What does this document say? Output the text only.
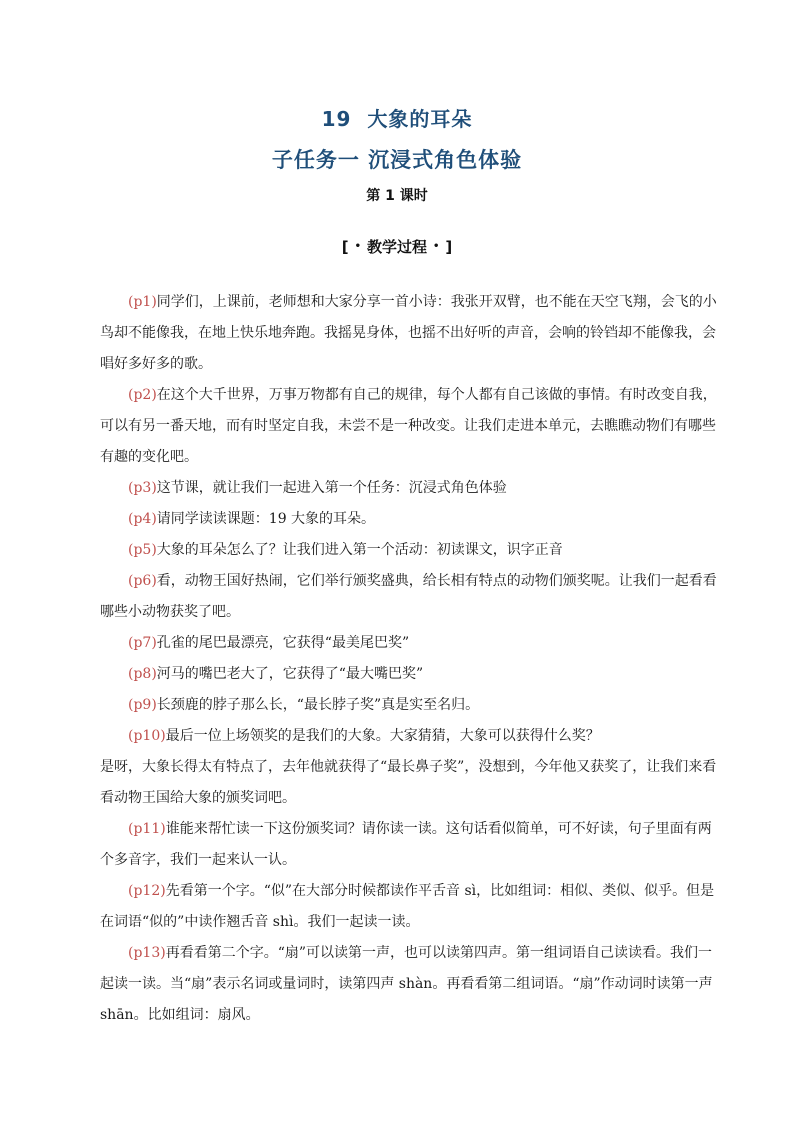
19 大象的耳朵
子任务一 沉浸式角色体验
第 1 课时
[ • 教学过程 • ]

(p1)同学们，上课前，老师想和大家分享一首小诗：我张开双臂，也不能在天空飞翔，会飞的小鸟却不能像我，在地上快乐地奔跑。我摇晃身体，也摇不出好听的声音，会响的铃铛却不能像我，会唱好多好多的歌。

(p2)在这个大千世界，万事万物都有自己的规律，每个人都有自己该做的事情。有时改变自我，可以有另一番天地，而有时坚定自我，未尝不是一种改变。让我们走进本单元，去瞧瞧动物们有哪些有趣的变化吧。

(p3)这节课，就让我们一起进入第一个任务：沉浸式角色体验

(p4)请同学读读课题：19 大象的耳朵。

(p5)大象的耳朵怎么了？让我们进入第一个活动：初读课文，识字正音

(p6)看，动物王国好热闹，它们举行颁奖盛典，给长相有特点的动物们颁奖呢。让我们一起看看哪些小动物获奖了吧。

(p7)孔雀的尾巴最漂亮，它获得“最美尾巴奖”

(p8)河马的嘴巴老大了，它获得了“最大嘴巴奖”

(p9)长颈鹿的脖子那么长，“最长脖子奖”真是实至名归。

(p10)最后一位上场领奖的是我们的大象。大家猜猜，大象可以获得什么奖？

是呀，大象长得太有特点了，去年他就获得了“最长鼻子奖”，没想到，今年他又获奖了，让我们来看看动物王国给大象的颁奖词吧。

(p11)谁能来帮忙读一下这份颁奖词？请你读一读。这句话看似简单，可不好读，句子里面有两个多音字，我们一起来认一认。

(p12)先看第一个字。“似”在大部分时候都读作平舌音 sì，比如组词：相似、类似、似乎。但是在词语“似的”中读作翘舌音 shì。我们一起读一读。

(p13)再看看第二个字。“扇”可以读第一声，也可以读第四声。第一组词语自己读读看。我们一起读一读。当“扇”表示名词或量词时，读第四声 shàn。再看看第二组词语。“扇”作动词时读第一声 shān。比如组词：扇风。
